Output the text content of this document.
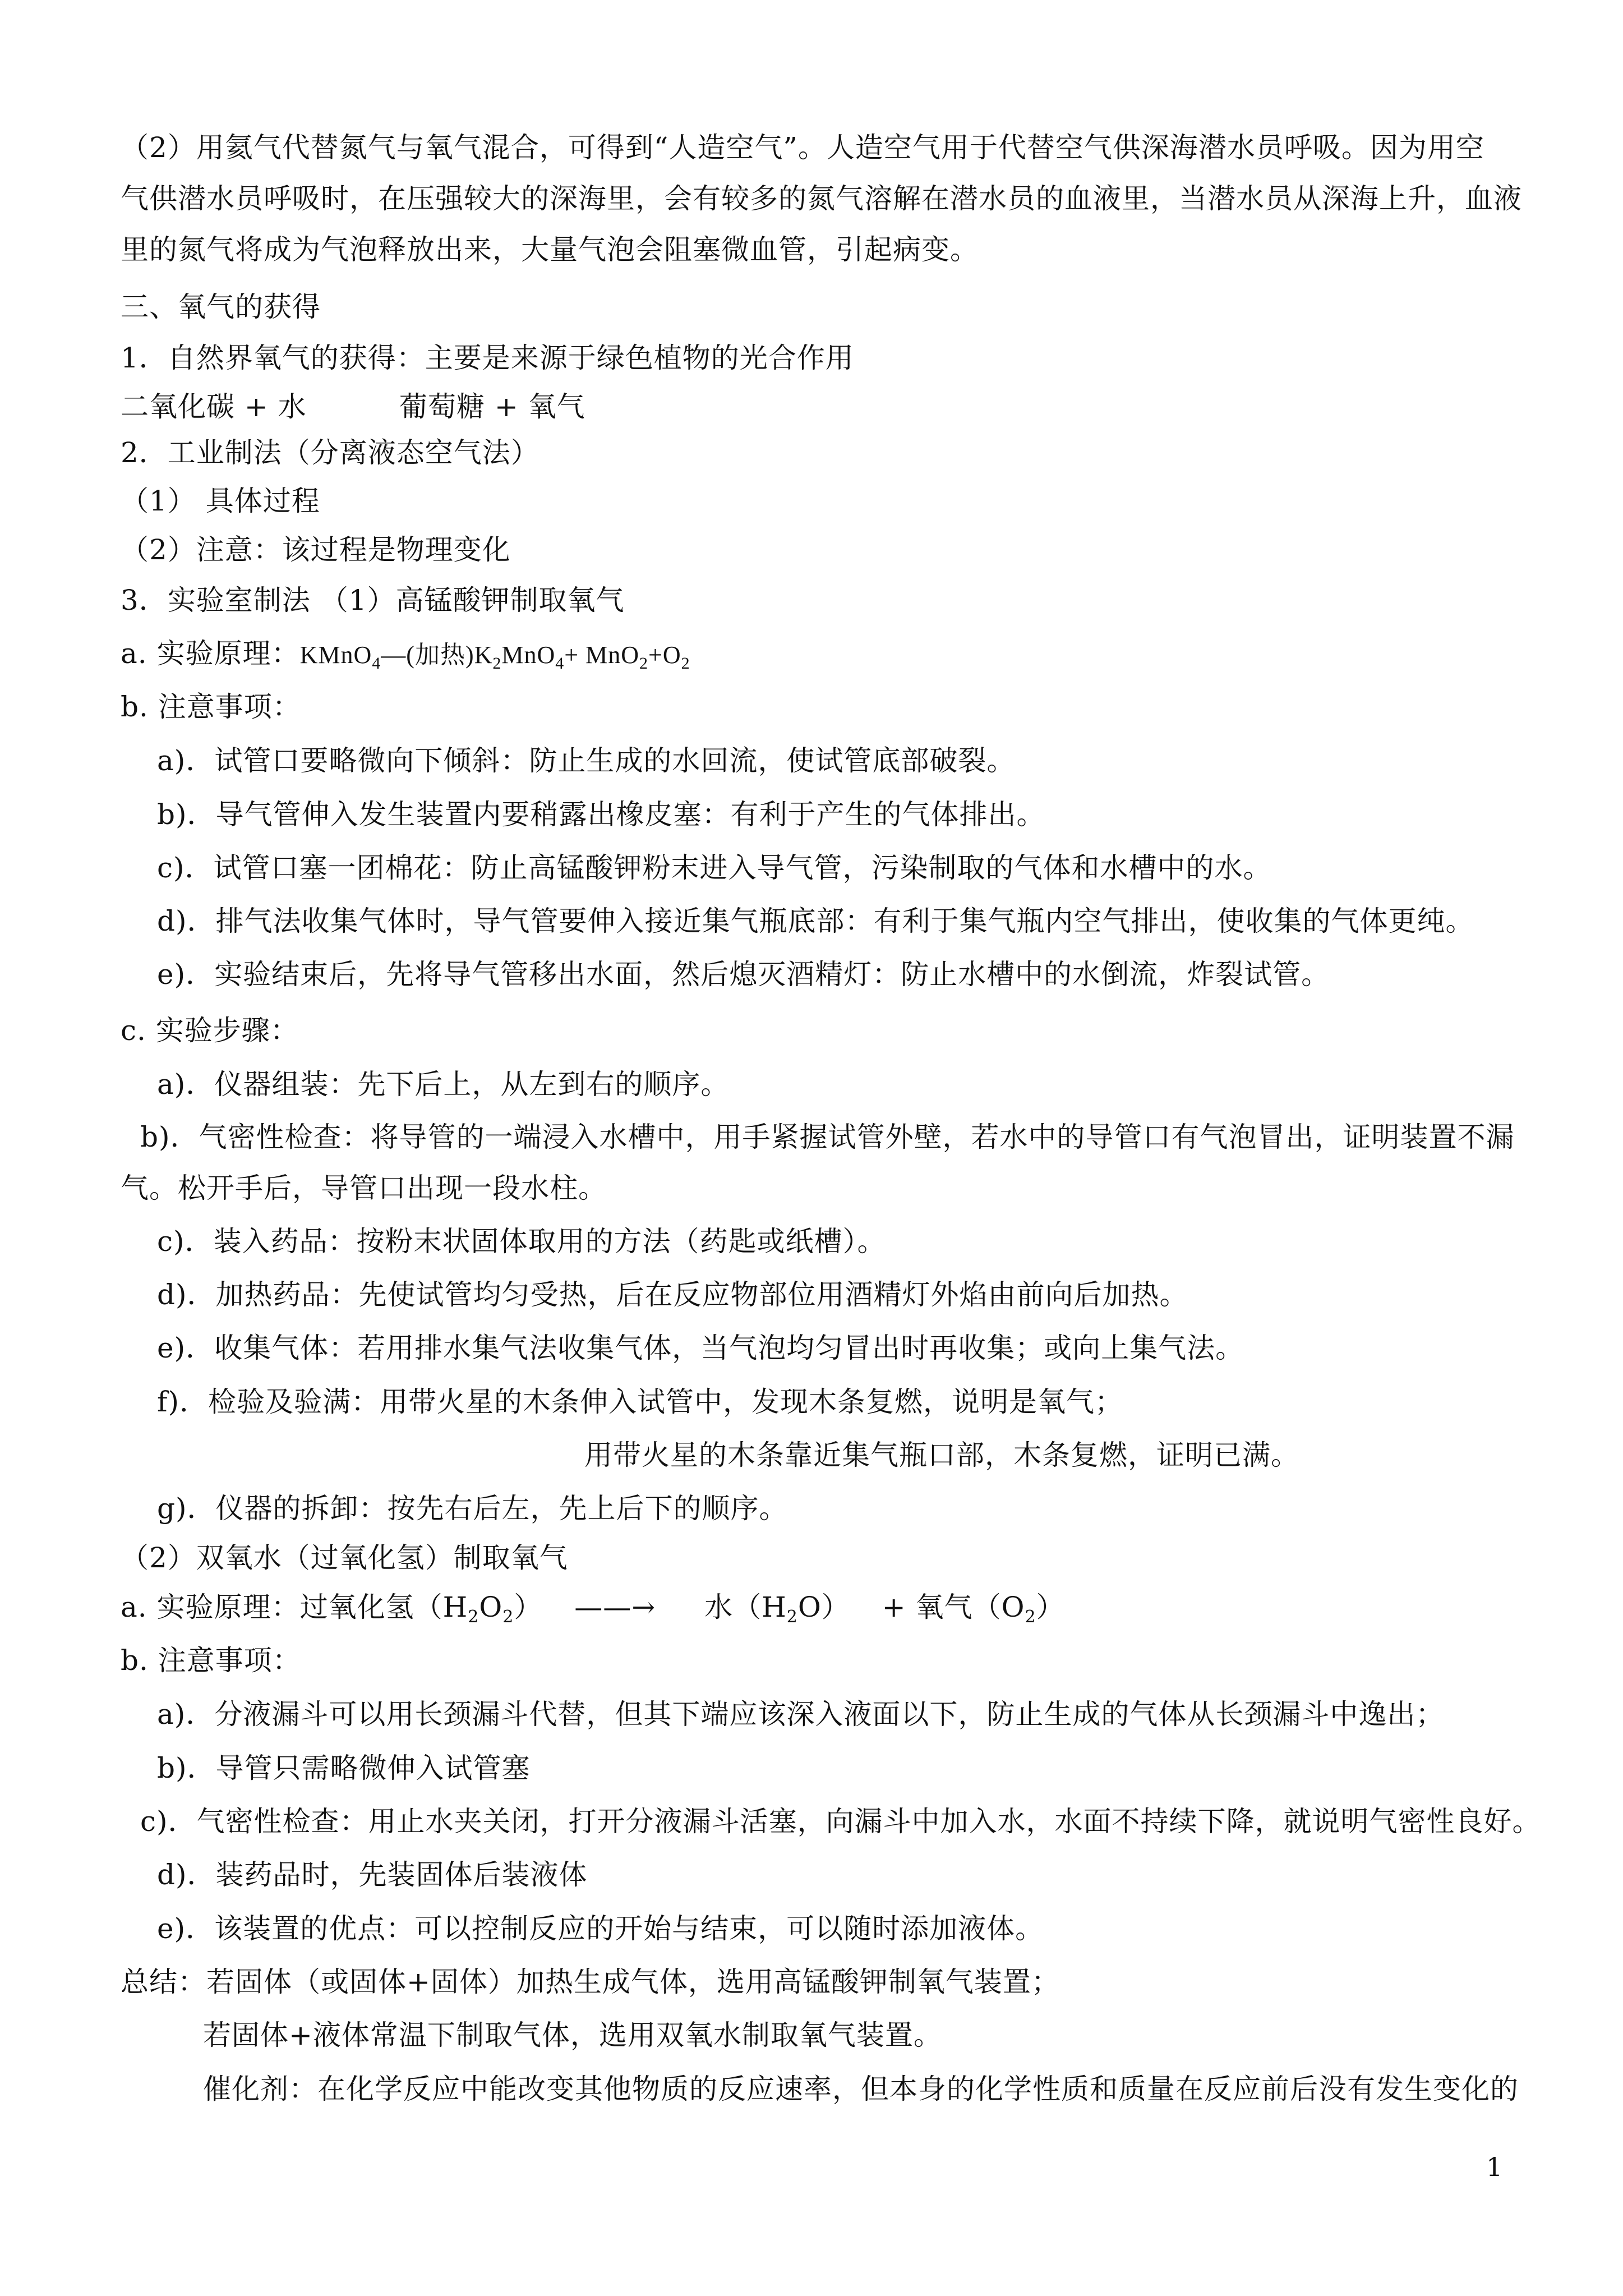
（2）用氦气代替氮气与氧气混合，可得到“人造空气”。人造空气用于代替空气供深海潜水员呼吸。因为用空
气供潜水员呼吸时，在压强较大的深海里，会有较多的氮气溶解在潜水员的血液里，当潜水员从深海上升，血液
里的氮气将成为气泡释放出来，大量气泡会阻塞微血管，引起病变。
三、氧气的获得
1．自然界氧气的获得：主要是来源于绿色植物的光合作用
二氧化碳 + 水	葡萄糖 + 氧气
2．工业制法（分离液态空气法）
（1） 具体过程
（2）注意：该过程是物理变化
3．实验室制法 （1）高锰酸钾制取氧气
a. 实验原理：KMnO$_4$—(加热)$K_2MnO_4+ MnO_2+O_2$
b. 注意事项：
a)．试管口要略微向下倾斜：防止生成的水回流，使试管底部破裂。
b)．导气管伸入发生装置内要稍露出橡皮塞：有利于产生的气体排出。
c)．试管口塞一团棉花：防止高锰酸钾粉末进入导气管，污染制取的气体和水槽中的水。
d)．排气法收集气体时，导气管要伸入接近集气瓶底部：有利于集气瓶内空气排出，使收集的气体更纯。
e)．实验结束后，先将导气管移出水面，然后熄灭酒精灯：防止水槽中的水倒流，炸裂试管。
c. 实验步骤：
a)．仪器组装：先下后上，从左到右的顺序。
b)．气密性检查：将导管的一端浸入水槽中，用手紧握试管外壁，若水中的导管口有气泡冒出，证明装置不漏
气。松开手后，导管口出现一段水柱。
c)．装入药品：按粉末状固体取用的方法（药匙或纸槽）。
d)．加热药品：先使试管均匀受热，后在反应物部位用酒精灯外焰由前向后加热。
e)．收集气体：若用排水集气法收集气体，当气泡均匀冒出时再收集；或向上集气法。
f)．检验及验满：用带火星的木条伸入试管中，发现木条复燃，说明是氧气；
用带火星的木条靠近集气瓶口部，木条复燃，证明已满。
g)．仪器的拆卸：按先右后左，先上后下的顺序。
（2）双氧水（过氧化氢）制取氧气
a. 实验原理：过氧化氢$(H_2O_2)$ ——→ 水$(H_2O)$ + 氧气$(O_2)$
b. 注意事项：
a)．分液漏斗可以用长颈漏斗代替，但其下端应该深入液面以下，防止生成的气体从长颈漏斗中逸出；
b)．导管只需略微伸入试管塞
c)．气密性检查：用止水夹关闭，打开分液漏斗活塞，向漏斗中加入水，水面不持续下降，就说明气密性良好。
d)．装药品时，先装固体后装液体
e)．该装置的优点：可以控制反应的开始与结束，可以随时添加液体。
总结：若固体（或固体+固体）加热生成气体，选用高锰酸钾制氧气装置；
若固体+液体常温下制取气体，选用双氧水制取氧气装置。
催化剂：在化学反应中能改变其他物质的反应速率，但本身的化学性质和质量在反应前后没有发生变化的
1
